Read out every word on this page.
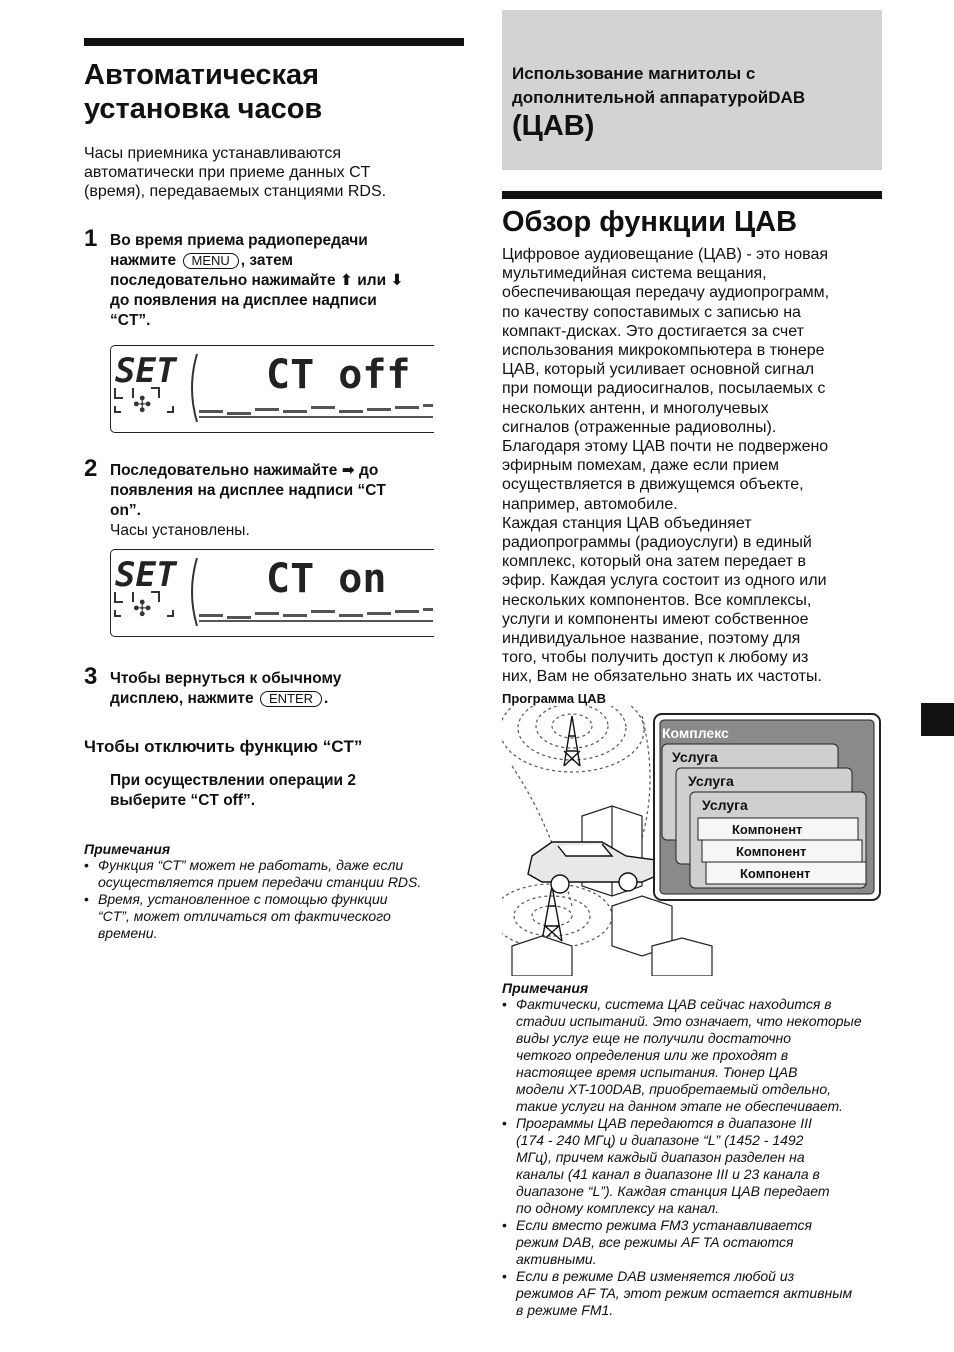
Автоматическая
установка часов

Часы приемника устанавливаются
автоматически при приеме данных CT
(время), передаваемых станциями RDS.

1 Во время приема радиопередачи
нажмите MENU , затем
последовательно нажимайте ⬆ или ⬇
до появления на дисплее надписи
“CT”.
SET
✣
CT off
2 Последовательно нажимайте ➡ до
появления на дисплее надписи “CT
on”.
Часы установлены.
SET
✣
CT on
3 Чтобы вернуться к обычному
дисплею, нажмите ENTER .
Чтобы отключить функцию “CT”
При осуществлении операции 2
выберите “CT off”.
Примечания
• Функция “CT” может не работать, даже если
осуществляется прием передачи станции RDS.
• Время, установленное с помощью функции
“CT”, может отличаться от фактического
времени.
Использование магнитолы с
дополнительной аппаратуройDAB
(ЦАВ)
Обзор функции ЦАВ
Цифровое аудиовещание (ЦАВ) - это новая
мультимедийная система вещания,
обеспечивающая передачу аудиопрограмм,
по качеству сопоставимых с записью на
компакт-дисках. Это достигается за счет
использования микрокомпьютера в тюнере
ЦАВ, который усиливает основной сигнал
при помощи радиосигналов, посылаемых с
нескольких антенн, и многолучевых
сигналов (отраженные радиоволны).
Благодаря этому ЦАВ почти не подвержено
эфирным помехам, даже если прием
осуществляется в движущемся объекте,
например, автомобиле.
Каждая станция ЦАВ объединяет
радиопрограммы (радиоуслуги) в единый
комплекс, который она затем передает в
эфир. Каждая услуга состоит из одного или
нескольких компонентов. Все комплексы,
услуги и компоненты имеют собственное
индивидуальное название, поэтому для
того, чтобы получить доступ к любому из
них, Вам не обязательно знать их частоты.
Программа ЦАВ
Комплекс
Услуга
Услуга
Услуга
Компонент
Компонент
Компонент
Примечания
• Фактически, система ЦАВ сейчас находится в
стадии испытаний. Это означает, что некоторые
виды услуг еще не получили достаточно
четкого определения или же проходят в
настоящее время испытания. Тюнер ЦАВ
модели XT-100DAB, приобретаемый отдельно,
такие услуги на данном этапе не обеспечивает.
• Программы ЦАВ передаются в диапазоне III
(174 - 240 МГц) и диапазоне “L” (1452 - 1492
МГц), причем каждый диапазон разделен на
каналы (41 канал в диапазоне III и 23 канала в
диапазоне “L”). Каждая станция ЦАВ передает
по одному комплексу на канал.
• Если вместо режима FM3 устанавливается
режим DAB, все режимы AF TA остаются
активными.
• Если в режиме DAB изменяется любой из
режимов AF TA, этот режим остается активным
в режиме FM1.
